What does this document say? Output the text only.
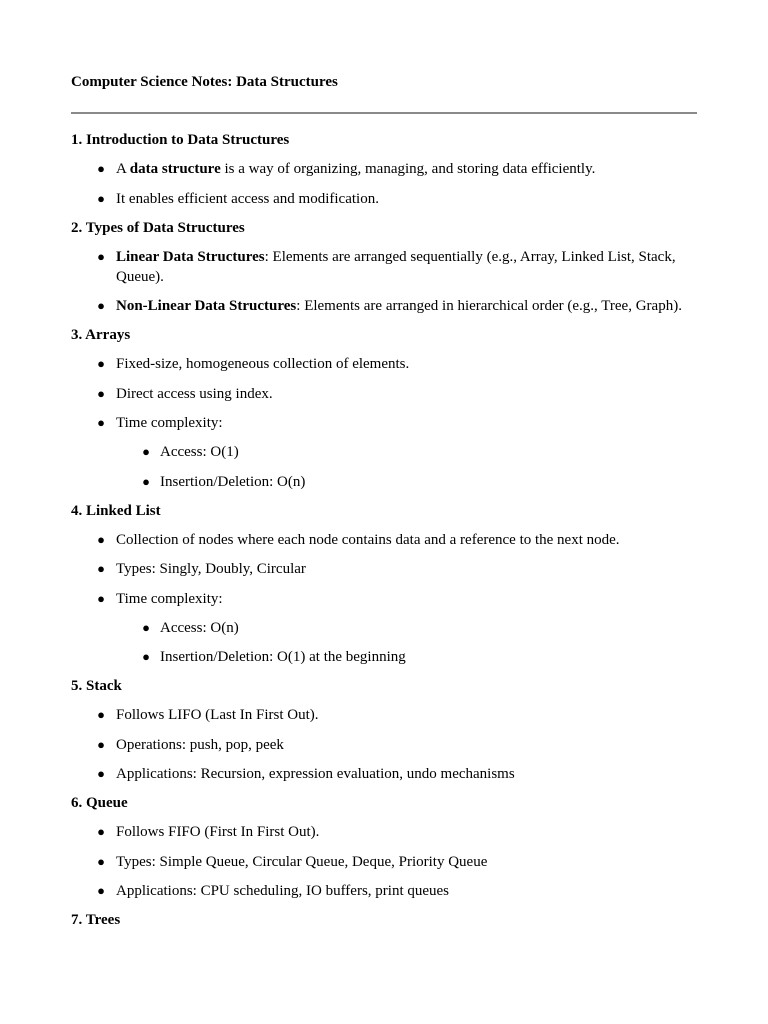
Computer Science Notes: Data Structures
1. Introduction to Data Structures
● A data structure is a way of organizing, managing, and storing data efficiently.
● It enables efficient access and modification.
2. Types of Data Structures
● Linear Data Structures: Elements are arranged sequentially (e.g., Array, Linked List, Stack, Queue).
● Non-Linear Data Structures: Elements are arranged in hierarchical order (e.g., Tree, Graph).
3. Arrays
● Fixed-size, homogeneous collection of elements.
● Direct access using index.
● Time complexity:
● Access: O(1)
● Insertion/Deletion: O(n)
4. Linked List
● Collection of nodes where each node contains data and a reference to the next node.
● Types: Singly, Doubly, Circular
● Time complexity:
● Access: O(n)
● Insertion/Deletion: O(1) at the beginning
5. Stack
● Follows LIFO (Last In First Out).
● Operations: push, pop, peek
● Applications: Recursion, expression evaluation, undo mechanisms
6. Queue
● Follows FIFO (First In First Out).
● Types: Simple Queue, Circular Queue, Deque, Priority Queue
● Applications: CPU scheduling, IO buffers, print queues
7. Trees
